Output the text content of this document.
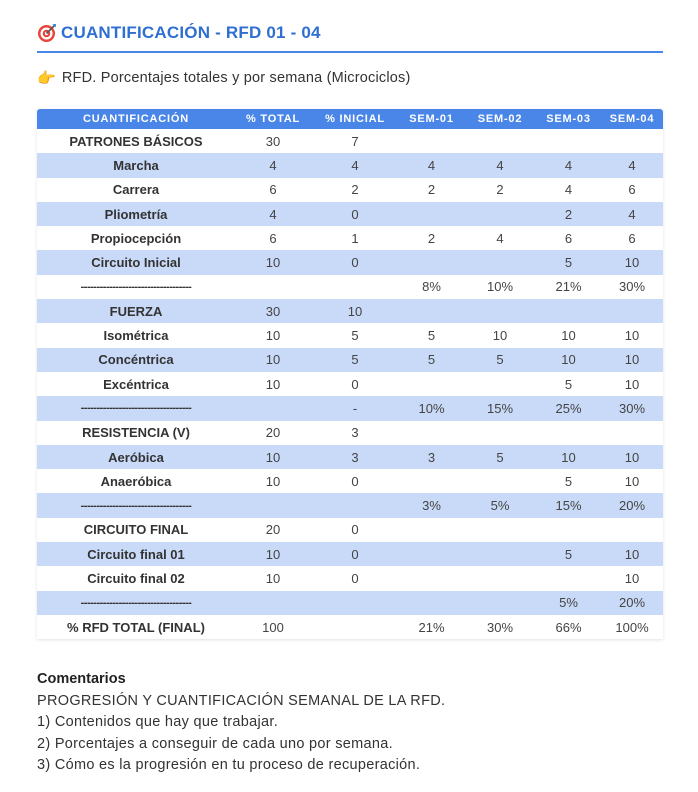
CUANTIFICACIÓN - RFD 01 - 04
👉 RFD. Porcentajes totales y por semana (Microciclos)
CUANTIFICACIÓN	% TOTAL	% INICIAL	SEM-01	SEM-02	SEM-03	SEM-04
PATRONES BÁSICOS	30	7				
Marcha	4	4	4	4	4	4
Carrera	6	2	2	2	4	6
Pliometría	4	0			2	4
Propiocepción	6	1	2	4	6	6
Circuito Inicial	10	0			5	10
-----------------------------------			8%	10%	21%	30%
FUERZA	30	10				
Isométrica	10	5	5	10	10	10
Concéntrica	10	5	5	5	10	10
Excéntrica	10	0			5	10
-----------------------------------		-	10%	15%	25%	30%
RESISTENCIA (V)	20	3				
Aeróbica	10	3	3	5	10	10
Anaeróbica	10	0			5	10
-----------------------------------			3%	5%	15%	20%
CIRCUITO FINAL	20	0				
Circuito final 01	10	0			5	10
Circuito final 02	10	0				10
-----------------------------------					5%	20%
% RFD TOTAL (FINAL)	100		21%	30%	66%	100%
Comentarios
PROGRESIÓN Y CUANTIFICACIÓN SEMANAL DE LA RFD.
1) Contenidos que hay que trabajar.
2) Porcentajes a conseguir de cada uno por semana.
3) Cómo es la progresión en tu proceso de recuperación.
